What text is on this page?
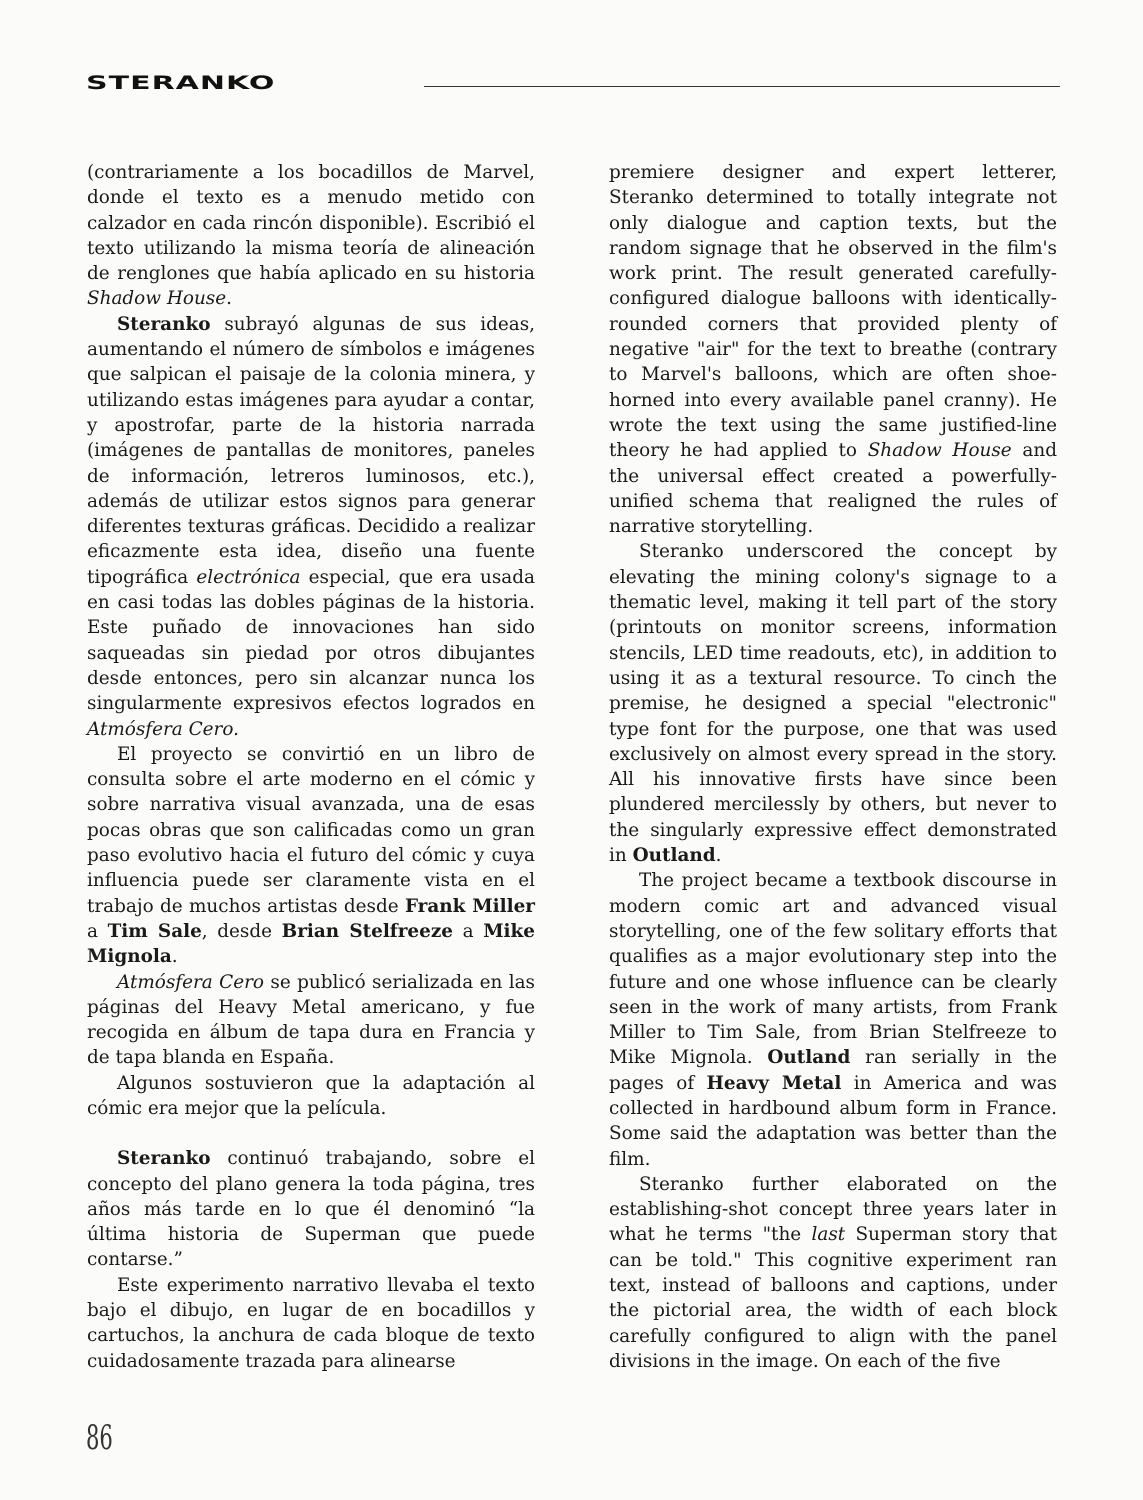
STERANKO

(contrariamente a los bocadillos de Marvel, donde el texto es a menudo metido con calzador en cada rincón disponible). Escribió el texto utilizando la misma teoría de alineación de renglones que había aplicado en su historia Shadow House.

Steranko subrayó algunas de sus ideas, aumentando el número de símbolos e imágenes que salpican el paisaje de la colonia minera, y utilizando estas imágenes para ayudar a contar, y apostrofar, parte de la historia narrada (imágenes de pantallas de monitores, paneles de información, letreros luminosos, etc.), además de utilizar estos signos para generar diferentes texturas gráficas. Decidido a realizar eficazmente esta idea, diseño una fuente tipográfica electrónica especial, que era usada en casi todas las dobles páginas de la historia. Este puñado de innovaciones han sido saqueadas sin piedad por otros dibujantes desde entonces, pero sin alcanzar nunca los singularmente expresivos efectos logrados en Atmósfera Cero.

El proyecto se convirtió en un libro de consulta sobre el arte moderno en el cómic y sobre narrativa visual avanzada, una de esas pocas obras que son calificadas como un gran paso evolutivo hacia el futuro del cómic y cuya influencia puede ser claramente vista en el trabajo de muchos artistas desde Frank Miller a Tim Sale, desde Brian Stelfreeze a Mike Mignola.

Atmósfera Cero se publicó serializada en las páginas del Heavy Metal americano, y fue recogida en álbum de tapa dura en Francia y de tapa blanda en España.

Algunos sostuvieron que la adaptación al cómic era mejor que la película.

Steranko continuó trabajando, sobre el concepto del plano genera la toda página, tres años más tarde en lo que él denominó “la última historia de Superman que puede contarse.”

Este experimento narrativo llevaba el texto bajo el dibujo, en lugar de en bocadillos y cartuchos, la anchura de cada bloque de texto cuidadosamente trazada para alinearse

premiere designer and expert letterer, Steranko determined to totally integrate not only dialogue and caption texts, but the random signage that he observed in the film's work print. The result generated carefully-configured dialogue balloons with identically-rounded corners that provided plenty of negative "air" for the text to breathe (contrary to Marvel's balloons, which are often shoe-horned into every available panel cranny). He wrote the text using the same justified-line theory he had applied to Shadow House and the universal effect created a powerfully-unified schema that realigned the rules of narrative storytelling.

Steranko underscored the concept by elevating the mining colony's signage to a thematic level, making it tell part of the story (printouts on monitor screens, information stencils, LED time readouts, etc), in addition to using it as a textural resource. To cinch the premise, he designed a special "electronic" type font for the purpose, one that was used exclusively on almost every spread in the story. All his innovative firsts have since been plundered mercilessly by others, but never to the singularly expressive effect demonstrated in Outland.

The project became a textbook discourse in modern comic art and advanced visual storytelling, one of the few solitary efforts that qualifies as a major evolutionary step into the future and one whose influence can be clearly seen in the work of many artists, from Frank Miller to Tim Sale, from Brian Stelfreeze to Mike Mignola. Outland ran serially in the pages of Heavy Metal in America and was collected in hardbound album form in France. Some said the adaptation was better than the film.

Steranko further elaborated on the establishing-shot concept three years later in what he terms "the last Superman story that can be told." This cognitive experiment ran text, instead of balloons and captions, under the pictorial area, the width of each block carefully configured to align with the panel divisions in the image. On each of the five

86
